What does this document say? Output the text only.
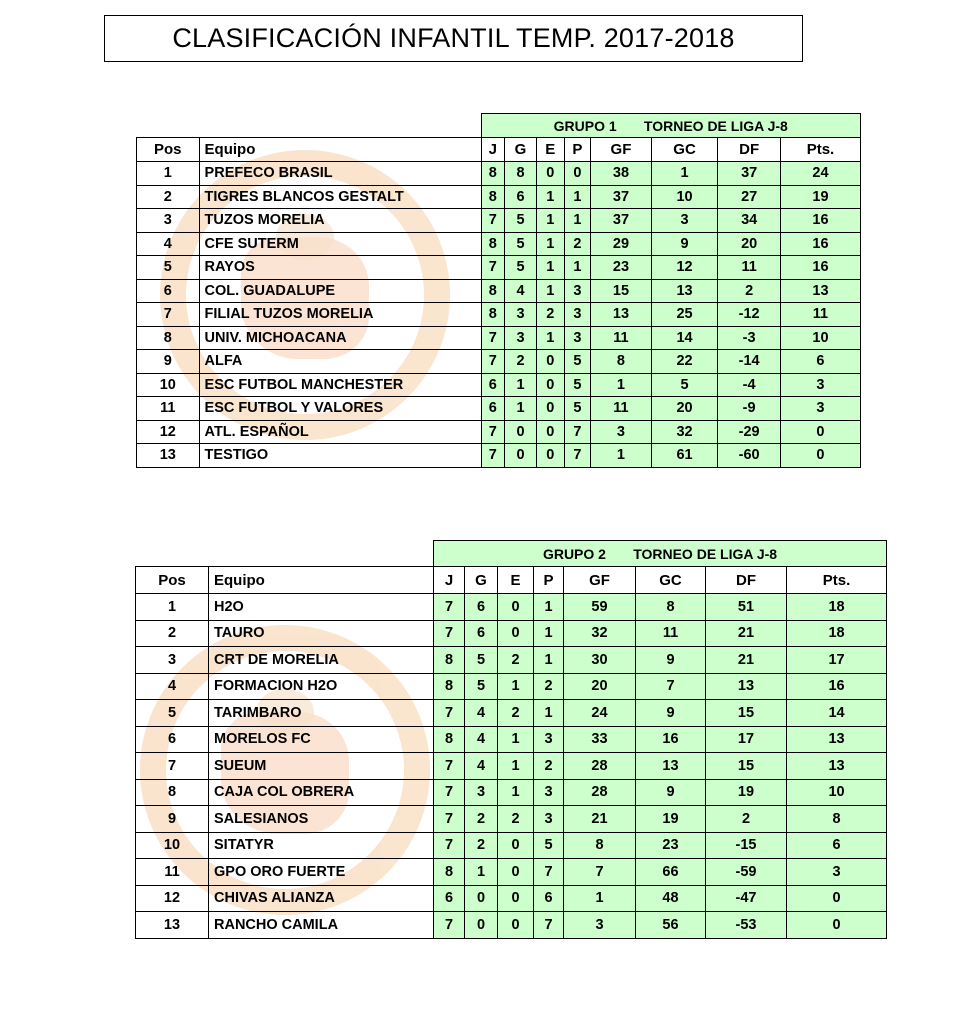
CLASIFICACIÓN INFANTIL TEMP. 2017-2018
		GRUPO 1 TORNEO DE LIGA J-8							
Pos	Equipo	J	G	E	P	GF	GC	DF	Pts.
1	PREFECO BRASIL	8	8	0	0	38	1	37	24
2	TIGRES BLANCOS GESTALT	8	6	1	1	37	10	27	19
3	TUZOS MORELIA	7	5	1	1	37	3	34	16
4	CFE SUTERM	8	5	1	2	29	9	20	16
5	RAYOS	7	5	1	1	23	12	11	16
6	COL. GUADALUPE	8	4	1	3	15	13	2	13
7	FILIAL TUZOS MORELIA	8	3	2	3	13	25	-12	11
8	UNIV. MICHOACANA	7	3	1	3	11	14	-3	10
9	ALFA	7	2	0	5	8	22	-14	6
10	ESC FUTBOL MANCHESTER	6	1	0	5	1	5	-4	3
11	ESC FUTBOL Y VALORES	6	1	0	5	11	20	-9	3
12	ATL. ESPAÑOL	7	0	0	7	3	32	-29	0
13	TESTIGO	7	0	0	7	1	61	-60	0
		GRUPO 2 TORNEO DE LIGA J-8							
Pos	Equipo	J	G	E	P	GF	GC	DF	Pts.
1	H2O	7	6	0	1	59	8	51	18
2	TAURO	7	6	0	1	32	11	21	18
3	CRT DE MORELIA	8	5	2	1	30	9	21	17
4	FORMACION H2O	8	5	1	2	20	7	13	16
5	TARIMBARO	7	4	2	1	24	9	15	14
6	MORELOS FC	8	4	1	3	33	16	17	13
7	SUEUM	7	4	1	2	28	13	15	13
8	CAJA COL OBRERA	7	3	1	3	28	9	19	10
9	SALESIANOS	7	2	2	3	21	19	2	8
10	SITATYR	7	2	0	5	8	23	-15	6
11	GPO ORO FUERTE	8	1	0	7	7	66	-59	3
12	CHIVAS ALIANZA	6	0	0	6	1	48	-47	0
13	RANCHO CAMILA	7	0	0	7	3	56	-53	0
